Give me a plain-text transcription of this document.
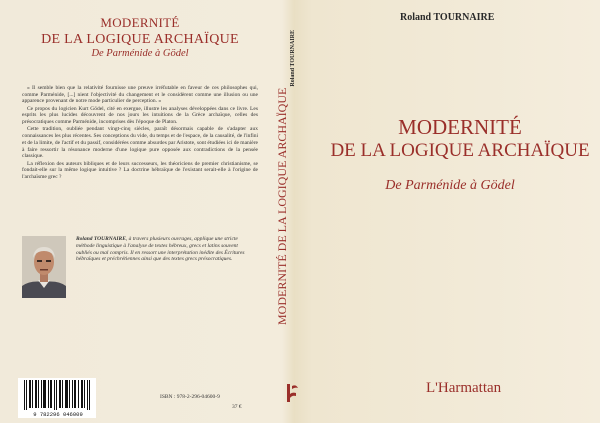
MODERNITÉ
DE LA LOGIQUE ARCHAÏQUE
De Parménide à Gödel

« Il semble bien que la relativité fournisse une preuve irréfutable en faveur de ces philosophes qui, comme Parménide, [...] nient l'objectivité du changement et le considèrent comme une illusion ou une apparence provenant de notre mode particulier de perception. »

Ce propos du logicien Kurt Gödel, cité en exergue, illustre les analyses développées dans ce livre. Les esprits les plus lucides découvrent de nos jours les intuitions de la Grèce archaïque, celles des présocratiques comme Parménide, incomprises dès l'époque de Platon.

Cette tradition, oubliée pendant vingt-cinq siècles, paraît désormais capable de s'adapter aux connaissances les plus récentes. Ses conceptions du vide, du temps et de l'espace, de la causalité, de l'infini et de la limite, de l'actif et du passif, considérées comme absurdes par Aristote, sont étudiées ici de manière à faire ressortir la résonance moderne d'une logique pure opposée aux contradictions de la pensée classique.

La réflexion des auteurs bibliques et de leurs successeurs, les théoriciens de premier christianisme, se fondait-elle sur la même logique intuitive ? La doctrine hébraïque de l'existant serait-elle à l'origine de l'archaïsme grec ?

Roland TOURNAIRE, à travers plusieurs ouvrages, applique une stricte méthode linguistique à l'analyse de textes hébreux, grecs et latins souvent oubliés ou mal compris. Il en ressort une interprétation inédite des Écritures hébraïques et préchrétiennes ainsi que des textes grecs présocratiques.
9 782296 046009
ISBN : 978-2-296-04600-9
37 €
Roland TOURNAIRE
MODERNITÉ DE LA LOGIQUE ARCHAÏQUE
Roland TOURNAIRE
MODERNITÉ
DE LA LOGIQUE ARCHAÏQUE
De Parménide à Gödel
L'Harmattan
